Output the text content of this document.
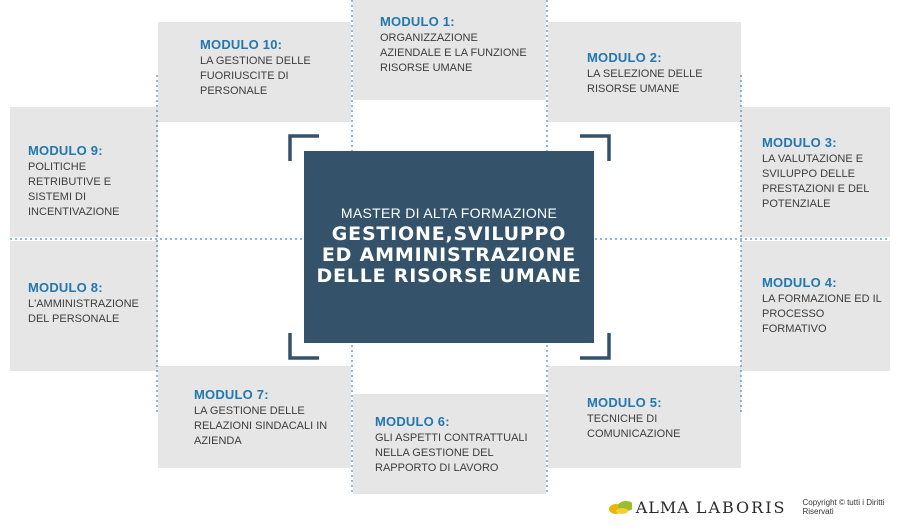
MASTER DI ALTA FORMAZIONE
GESTIONE,SVILUPPO
ED AMMINISTRAZIONE
DELLE RISORSE UMANE
MODULO 1:
ORGANIZZAZIONE AZIENDALE E LA FUNZIONE RISORSE UMANE
MODULO 2:
LA SELEZIONE DELLE RISORSE UMANE
MODULO 3:
LA VALUTAZIONE E SVILUPPO DELLE PRESTAZIONI E DEL POTENZIALE
MODULO 4:
LA FORMAZIONE ED IL PROCESSO FORMATIVO
MODULO 5:
TECNICHE DI COMUNICAZIONE
MODULO 6:
GLI ASPETTI CONTRATTUALI NELLA GESTIONE DEL RAPPORTO DI LAVORO
MODULO 7:
LA GESTIONE DELLE RELAZIONI SINDACALI IN AZIENDA
MODULO 8:
L'AMMINISTRAZIONE DEL PERSONALE
MODULO 9:
POLITICHE RETRIBUTIVE E SISTEMI DI INCENTIVAZIONE
MODULO 10:
LA GESTIONE DELLE FUORIUSCITE DI PERSONALE
ALMA LABORIS Copyright © tutti i Diritti Riservati
